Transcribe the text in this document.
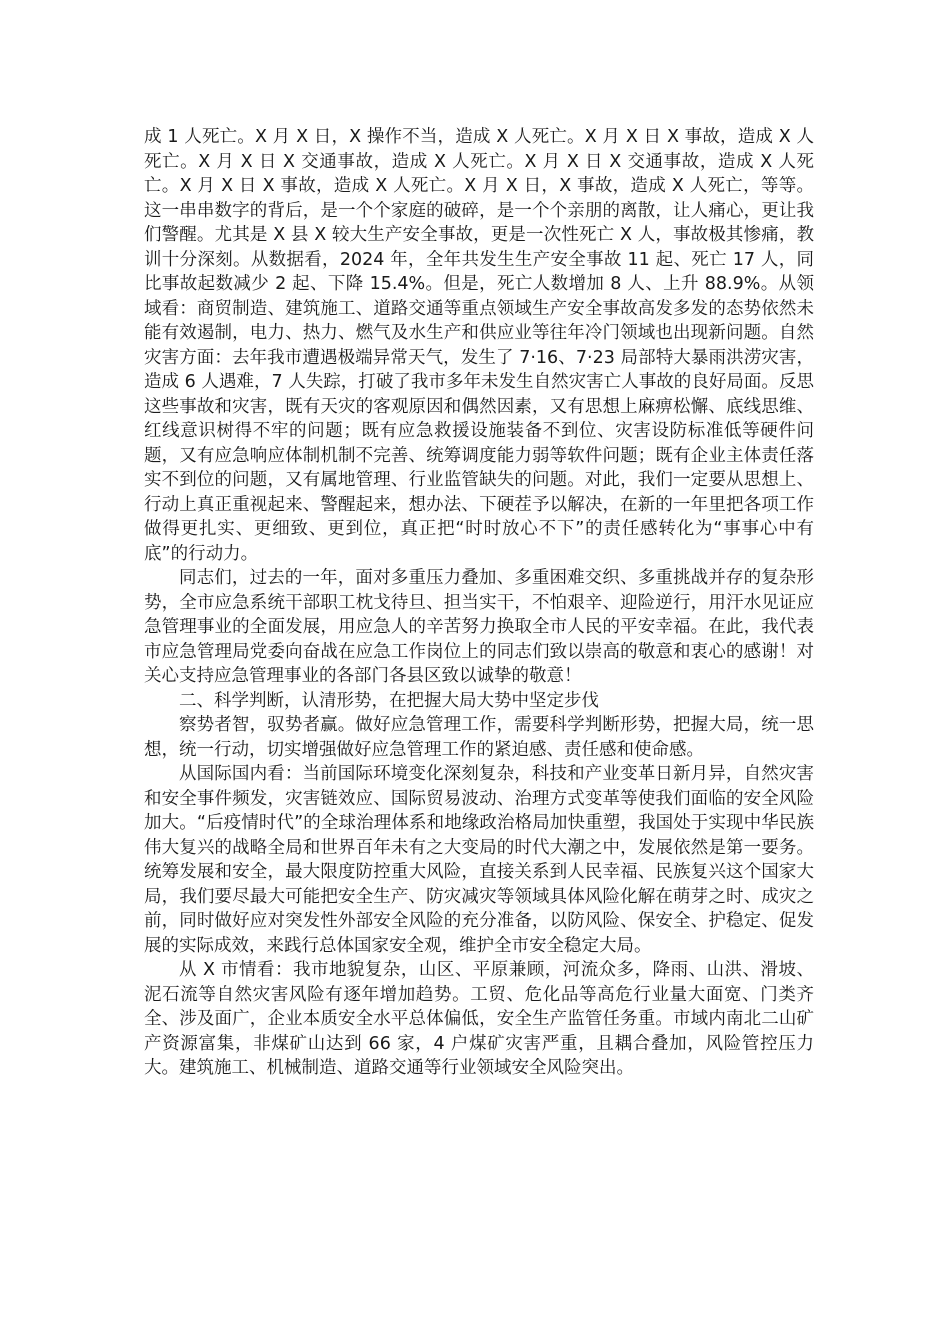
成 1 人死亡。X 月 X 日，X 操作不当，造成 X 人死亡。X 月 X 日 X 事故，造成 X 人死亡。X 月 X 日 X 交通事故，造成 X 人死亡。X 月 X 日 X 交通事故，造成 X 人死亡。X 月 X 日 X 事故，造成 X 人死亡。X 月 X 日，X 事故，造成 X 人死亡，等等。这一串串数字的背后，是一个个家庭的破碎，是一个个亲朋的离散，让人痛心，更让我们警醒。尤其是 X 县 X 较大生产安全事故，更是一次性死亡 X 人，事故极其惨痛，教训十分深刻。从数据看，2024 年，全年共发生生产安全事故 11 起、死亡 17 人，同比事故起数减少 2 起、下降 15.4%。但是，死亡人数增加 8 人、上升 88.9%。从领域看：商贸制造、建筑施工、道路交通等重点领域生产安全事故高发多发的态势依然未能有效遏制，电力、热力、燃气及水生产和供应业等往年冷门领域也出现新问题。自然灾害方面：去年我市遭遇极端异常天气，发生了 7·16、7·23 局部特大暴雨洪涝灾害，造成 6 人遇难，7 人失踪，打破了我市多年未发生自然灾害亡人事故的良好局面。反思这些事故和灾害，既有天灾的客观原因和偶然因素，又有思想上麻痹松懈、底线思维、红线意识树得不牢的问题；既有应急救援设施装备不到位、灾害设防标准低等硬件问题，又有应急响应体制机制不完善、统筹调度能力弱等软件问题；既有企业主体责任落实不到位的问题，又有属地管理、行业监管缺失的问题。对此，我们一定要从思想上、行动上真正重视起来、警醒起来，想办法、下硬茬予以解决，在新的一年里把各项工作做得更扎实、更细致、更到位，真正把“时时放心不下”的责任感转化为“事事心中有底”的行动力。

同志们，过去的一年，面对多重压力叠加、多重困难交织、多重挑战并存的复杂形势，全市应急系统干部职工枕戈待旦、担当实干，不怕艰辛、迎险逆行，用汗水见证应急管理事业的全面发展，用应急人的辛苦努力换取全市人民的平安幸福。在此，我代表市应急管理局党委向奋战在应急工作岗位上的同志们致以崇高的敬意和衷心的感谢！对关心支持应急管理事业的各部门各县区致以诚挚的敬意！

二、科学判断，认清形势，在把握大局大势中坚定步伐

察势者智，驭势者赢。做好应急管理工作，需要科学判断形势，把握大局，统一思想，统一行动，切实增强做好应急管理工作的紧迫感、责任感和使命感。

从国际国内看：当前国际环境变化深刻复杂，科技和产业变革日新月异，自然灾害和安全事件频发，灾害链效应、国际贸易波动、治理方式变革等使我们面临的安全风险加大。“后疫情时代”的全球治理体系和地缘政治格局加快重塑，我国处于实现中华民族伟大复兴的战略全局和世界百年未有之大变局的时代大潮之中，发展依然是第一要务。统筹发展和安全，最大限度防控重大风险，直接关系到人民幸福、民族复兴这个国家大局，我们要尽最大可能把安全生产、防灾减灾等领域具体风险化解在萌芽之时、成灾之前，同时做好应对突发性外部安全风险的充分准备，以防风险、保安全、护稳定、促发展的实际成效，来践行总体国家安全观，维护全市安全稳定大局。

从 X 市情看：我市地貌复杂，山区、平原兼顾，河流众多，降雨、山洪、滑坡、泥石流等自然灾害风险有逐年增加趋势。工贸、危化品等高危行业量大面宽、门类齐全、涉及面广，企业本质安全水平总体偏低，安全生产监管任务重。市域内南北二山矿产资源富集，非煤矿山达到 66 家，4 户煤矿灾害严重，且耦合叠加，风险管控压力大。建筑施工、机械制造、道路交通等行业领域安全风险突出。
